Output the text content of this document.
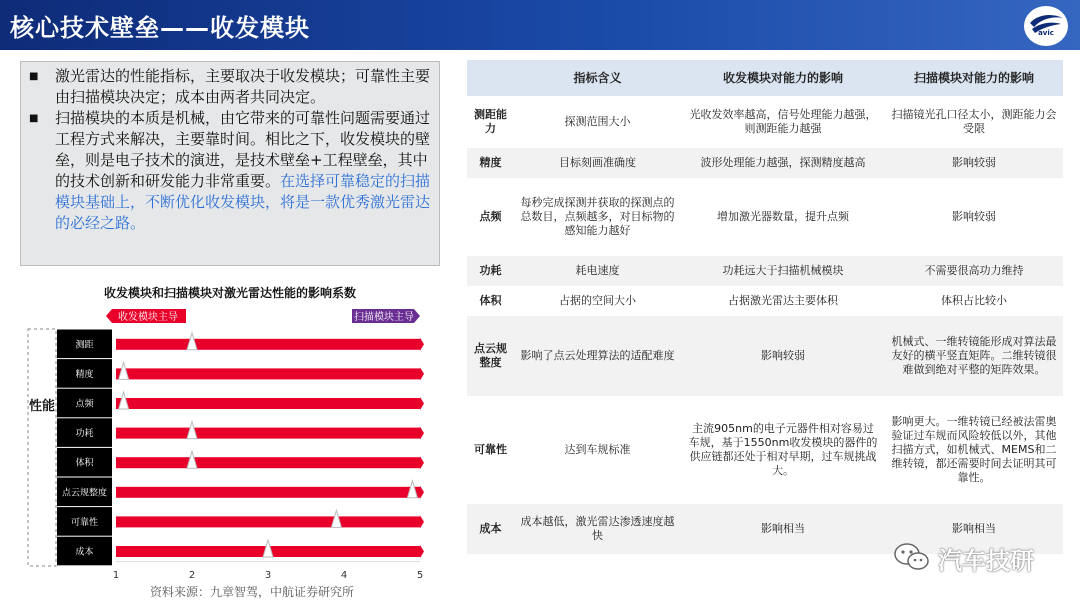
核心技术壁垒——收发模块	avic
■	激光雷达的性能指标，主要取决于收发模块；可靠性主要由扫描模块决定；成本由两者共同决定。
■	扫描模块的本质是机械，由它带来的可靠性问题需要通过工程方式来解决，主要靠时间。相比之下，收发模块的壁垒，则是电子技术的演进，是技术壁垒+工程壁垒，其中的技术创新和研发能力非常重要。在选择可靠稳定的扫描模块基础上，不断优化收发模块，将是一款优秀激光雷达的必经之路。
收发模块和扫描模块对激光雷达性能的影响系数
性能
收发模块主导	扫描模块主导
测距
精度
点频
功耗
体积
点云规整度
可靠性
成本
1	2	3	4	5
资料来源：九章智驾，中航证券研究所
	指标含义	收发模块对能力的影响	扫描模块对能力的影响
测距能力	探测范围大小	光收发效率越高，信号处理能力越强，则测距能力越强	扫描镜光孔口径太小，测距能力会受限
精度	目标刻画准确度	波形处理能力越强，探测精度越高	影响较弱
点频	每秒完成探测并获取的探测点的总数目，点频越多，对目标物的感知能力越好	增加激光器数量，提升点频	影响较弱
功耗	耗电速度	功耗远大于扫描机械模块	不需要很高功力维持
体积	占据的空间大小	占据激光雷达主要体积	体积占比较小
点云规整度	影响了点云处理算法的适配难度	影响较弱	机械式、一维转镜能形成对算法最友好的横平竖直矩阵。二维转镜很难做到绝对平整的矩阵效果。
可靠性	达到车规标准	主流905nm的电子元器件相对容易过车规，基于1550nm收发模块的器件的供应链都还处于相对早期，过车规挑战大。	影响更大。一维转镜已经被法雷奥验证过车规而风险较低以外，其他扫描方式，如机械式、MEMS和二维转镜，都还需要时间去证明其可靠性。
成本	成本越低，激光雷达渗透速度越快	影响相当	影响相当
汽车技研
